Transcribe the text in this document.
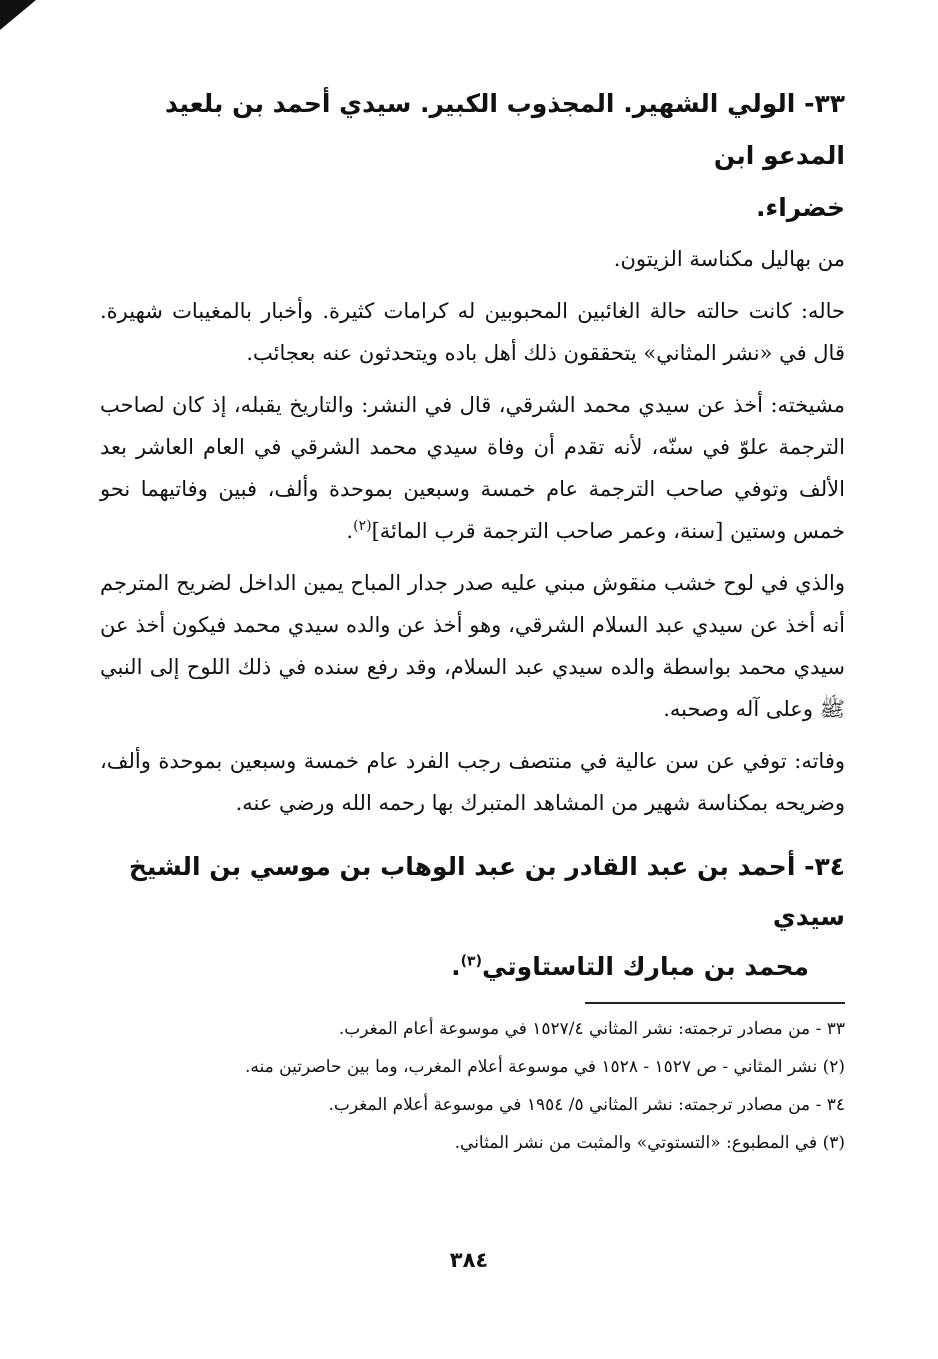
٣٣- الولي الشهير. المجذوب الكبير. سيدي أحمد بن بلعيد المدعو ابن
خضراء.

من بهاليل مكناسة الزيتون.

حاله: كانت حالته حالة الغائبين المحبوبين له كرامات كثيرة. وأخبار بالمغيبات شهيرة. قال في «نشر المثاني» يتحققون ذلك أهل باده ويتحدثون عنه بعجائب.

مشيخته: أخذ عن سيدي محمد الشرقي، قال في النشر: والتاريخ يقبله، إذ كان لصاحب الترجمة علوّ في سنّه، لأنه تقدم أن وفاة سيدي محمد الشرقي في العام العاشر بعد الألف وتوفي صاحب الترجمة عام خمسة وسبعين بموحدة وألف، فبين وفاتيهما نحو خمس وستين [سنة، وعمر صاحب الترجمة قرب المائة]$^{(٢)}$.

والذي في لوح خشب منقوش مبني عليه صدر جدار المباح يمين الداخل لضريح المترجم أنه أخذ عن سيدي عبد السلام الشرقي، وهو أخذ عن والده سيدي محمد فيكون أخذ عن سيدي محمد بواسطة والده سيدي عبد السلام، وقد رفع سنده في ذلك اللوح إلى النبي ﷺ وعلى آله وصحبه.

وفاته: توفي عن سن عالية في منتصف رجب الفرد عام خمسة وسبعين بموحدة وألف، وضريحه بمكناسة شهير من المشاهد المتبرك بها رحمه الله ورضي عنه.

٣٤- أحمد بن عبد القادر بن عبد الوهاب بن موسي بن الشيخ سيدي
محمد بن مبارك التاستاوتي$^{(٣)}$.
٣٣ - من مصادر ترجمته: نشر المثاني ١٥٢٧/٤ في موسوعة أعام المغرب.
(٢) نشر المثاني - ص ١٥٢٧ - ١٥٢٨ في موسوعة أعلام المغرب، وما بين حاصرتين منه.
٣٤ - من مصادر ترجمته: نشر المثاني ٥/ ١٩٥٤ في موسوعة أعلام المغرب.
(٣) في المطبوع: «التستوتي» والمثبت من نشر المثاني.
٣٨٤
